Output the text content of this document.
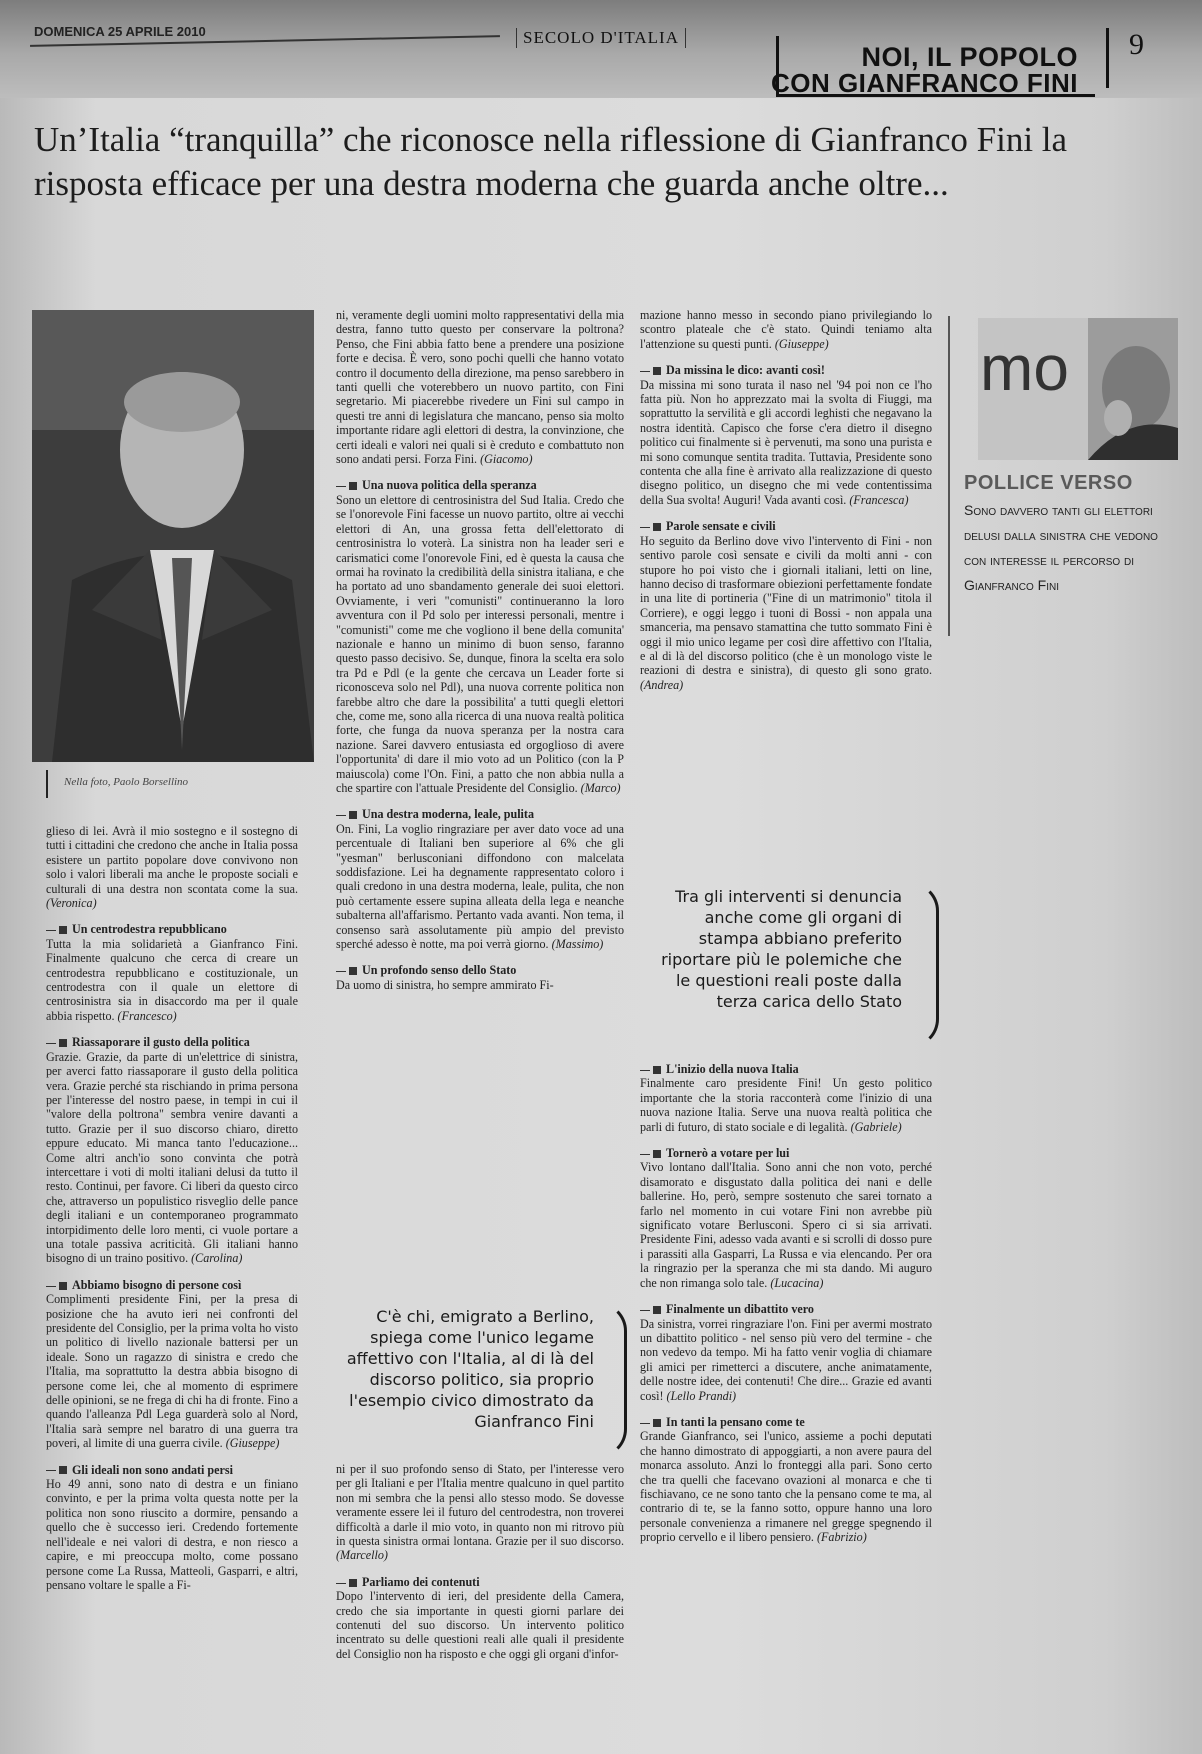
DOMENICA 25 APRILE 2010	SECOLO D'ITALIA
NOI, IL POPOLO
CON GIANFRANCO FINI
9
Un’Italia “tranquilla” che riconosce nella riflessione di Gianfranco Fini la risposta efficace per una destra moderna che guarda anche oltre...
Nella foto, Paolo Borsellino

glieso di lei. Avrà il mio sostegno e il sostegno di tutti i cittadini che credono che anche in Italia possa esistere un partito popolare dove convivono non solo i valori liberali ma anche le proposte sociali e culturali di una destra non scontata come la sua. (Veronica)

Un centrodestra repubblicano

Tutta la mia solidarietà a Gianfranco Fini. Finalmente qualcuno che cerca di creare un centrodestra repubblicano e costituzionale, un centrodestra con il quale un elettore di centrosinistra sia in disaccordo ma per il quale abbia rispetto. (Francesco)

Riassaporare il gusto della politica

Grazie. Grazie, da parte di un'elettrice di sinistra, per averci fatto riassaporare il gusto della politica vera. Grazie perché sta rischiando in prima persona per l'interesse del nostro paese, in tempi in cui il "valore della poltrona" sembra venire davanti a tutto. Grazie per il suo discorso chiaro, diretto eppure educato. Mi manca tanto l'educazione... Come altri anch'io sono convinta che potrà intercettare i voti di molti italiani delusi da tutto il resto. Continui, per favore. Ci liberi da questo circo che, attraverso un populistico risveglio delle pance degli italiani e un contemporaneo programmato intorpidimento delle loro menti, ci vuole portare a una totale passiva acriticità. Gli italiani hanno bisogno di un traino positivo. (Carolina)

Abbiamo bisogno di persone così

Complimenti presidente Fini, per la presa di posizione che ha avuto ieri nei confronti del presidente del Consiglio, per la prima volta ho visto un politico di livello nazionale battersi per un ideale. Sono un ragazzo di sinistra e credo che l'Italia, ma soprattutto la destra abbia bisogno di persone come lei, che al momento di esprimere delle opinioni, se ne frega di chi ha di fronte. Fino a quando l'alleanza Pdl Lega guarderà solo al Nord, l'Italia sarà sempre nel baratro di una guerra tra poveri, al limite di una guerra civile. (Giuseppe)

Gli ideali non sono andati persi

Ho 49 anni, sono nato di destra e un finiano convinto, e per la prima volta questa notte per la politica non sono riuscito a dormire, pensando a quello che è successo ieri. Credendo fortemente nell'ideale e nei valori di destra, e non riesco a capire, e mi preoccupa molto, come possano persone come La Russa, Matteoli, Gasparri, e altri, pensano voltare le spalle a Fi-

ni, veramente degli uomini molto rappresentativi della mia destra, fanno tutto questo per conservare la poltrona? Penso, che Fini abbia fatto bene a prendere una posizione forte e decisa. È vero, sono pochi quelli che hanno votato contro il documento della direzione, ma penso sarebbero in tanti quelli che voterebbero un nuovo partito, con Fini segretario. Mi piacerebbe rivedere un Fini sul campo in questi tre anni di legislatura che mancano, penso sia molto importante ridare agli elettori di destra, la convinzione, che certi ideali e valori nei quali si è creduto e combattuto non sono andati persi. Forza Fini. (Giacomo)

Una nuova politica della speranza

Sono un elettore di centrosinistra del Sud Italia. Credo che se l'onorevole Fini facesse un nuovo partito, oltre ai vecchi elettori di An, una grossa fetta dell'elettorato di centrosinistra lo voterà. La sinistra non ha leader seri e carismatici come l'onorevole Fini, ed è questa la causa che ormai ha rovinato la credibilità della sinistra italiana, e che ha portato ad uno sbandamento generale dei suoi elettori. Ovviamente, i veri "comunisti" continueranno la loro avventura con il Pd solo per interessi personali, mentre i "comunisti" come me che vogliono il bene della comunita' nazionale e hanno un minimo di buon senso, faranno questo passo decisivo. Se, dunque, finora la scelta era solo tra Pd e Pdl (e la gente che cercava un Leader forte si riconosceva solo nel Pdl), una nuova corrente politica non farebbe altro che dare la possibilita' a tutti quegli elettori che, come me, sono alla ricerca di una nuova realtà politica forte, che funga da nuova speranza per la nostra cara nazione. Sarei davvero entusiasta ed orgoglioso di avere l'opportunita' di dare il mio voto ad un Politico (con la P maiuscola) come l'On. Fini, a patto che non abbia nulla a che spartire con l'attuale Presidente del Consiglio. (Marco)

Una destra moderna, leale, pulita

On. Fini, La voglio ringraziare per aver dato voce ad una percentuale di Italiani ben superiore al 6% che gli "yesman" berlusconiani diffondono con malcelata soddisfazione. Lei ha degnamente rappresentato coloro i quali credono in una destra moderna, leale, pulita, che non può certamente essere supina alleata della lega e neanche subalterna all'affarismo. Pertanto vada avanti. Non tema, il consenso sarà assolutamente più ampio del previsto sperché adesso è notte, ma poi verrà giorno. (Massimo)

Un profondo senso dello Stato

Da uomo di sinistra, ho sempre ammirato Fi-

C'è chi, emigrato a Berlino, spiega come l'unico legame affettivo con l'Italia, al di là del discorso politico, sia proprio l'esempio civico dimostrato da Gianfranco Fini

ni per il suo profondo senso di Stato, per l'interesse vero per gli Italiani e per l'Italia mentre qualcuno in quel partito non mi sembra che la pensi allo stesso modo. Se dovesse veramente essere lei il futuro del centrodestra, non troverei difficoltà a darle il mio voto, in quanto non mi ritrovo più in questa sinistra ormai lontana. Grazie per il suo discorso. (Marcello)

Parliamo dei contenuti

Dopo l'intervento di ieri, del presidente della Camera, credo che sia importante in questi giorni parlare dei contenuti del suo discorso. Un intervento politico incentrato su delle questioni reali alle quali il presidente del Consiglio non ha risposto e che oggi gli organi d'infor-

mazione hanno messo in secondo piano privilegiando lo scontro plateale che c'è stato. Quindi teniamo alta l'attenzione su questi punti. (Giuseppe)

Da missina le dico: avanti così!

Da missina mi sono turata il naso nel '94 poi non ce l'ho fatta più. Non ho apprezzato mai la svolta di Fiuggi, ma soprattutto la servilità e gli accordi leghisti che negavano la nostra identità. Capisco che forse c'era dietro il disegno politico cui finalmente si è pervenuti, ma sono una purista e mi sono comunque sentita tradita. Tuttavia, Presidente sono contenta che alla fine è arrivato alla realizzazione di questo disegno politico, un disegno che mi vede contentissima della Sua svolta! Auguri! Vada avanti così. (Francesca)

Parole sensate e civili

Ho seguito da Berlino dove vivo l'intervento di Fini - non sentivo parole così sensate e civili da molti anni - con stupore ho poi visto che i giornali italiani, letti on line, hanno deciso di trasformare obiezioni perfettamente fondate in una lite di portineria ("Fine di un matrimonio" titola il Corriere), e oggi leggo i tuoni di Bossi - non appala una smanceria, ma pensavo stamattina che tutto sommato Fini è oggi il mio unico legame per così dire affettivo con l'Italia, e al di là del discorso politico (che è un monologo viste le reazioni di destra e sinistra), di questo gli sono grato. (Andrea)

Tra gli interventi si denuncia anche come gli organi di stampa abbiano preferito riportare più le polemiche che le questioni reali poste dalla terza carica dello Stato
L'inizio della nuova Italia

Finalmente caro presidente Fini! Un gesto politico importante che la storia racconterà come l'inizio di una nuova nazione Italia. Serve una nuova realtà politica che parli di futuro, di stato sociale e di legalità. (Gabriele)

Tornerò a votare per lui

Vivo lontano dall'Italia. Sono anni che non voto, perché disamorato e disgustato dalla politica dei nani e delle ballerine. Ho, però, sempre sostenuto che sarei tornato a farlo nel momento in cui votare Fini non avrebbe più significato votare Berlusconi. Spero ci si sia arrivati. Presidente Fini, adesso vada avanti e si scrolli di dosso pure i parassiti alla Gasparri, La Russa e via elencando. Per ora la ringrazio per la speranza che mi sta dando. Mi auguro che non rimanga solo tale. (Lucacina)

Finalmente un dibattito vero

Da sinistra, vorrei ringraziare l'on. Fini per avermi mostrato un dibattito politico - nel senso più vero del termine - che non vedevo da tempo. Mi ha fatto venir voglia di chiamare gli amici per rimetterci a discutere, anche animatamente, delle nostre idee, dei contenuti! Che dire... Grazie ed avanti così! (Lello Prandi)

In tanti la pensano come te

Grande Gianfranco, sei l'unico, assieme a pochi deputati che hanno dimostrato di appoggiarti, a non avere paura del monarca assoluto. Anzi lo fronteggi alla pari. Sono certo che tra quelli che facevano ovazioni al monarca e che ti fischiavano, ce ne sono tanto che la pensano come te ma, al contrario di te, se la fanno sotto, oppure hanno una loro personale convenienza a rimanere nel gregge spegnendo il proprio cervello e il libero pensiero. (Fabrizio)

mo
POLLICE VERSO
Sono davvero tanti gli elettori delusi dalla sinistra che vedono con interesse il percorso di Gianfranco Fini
